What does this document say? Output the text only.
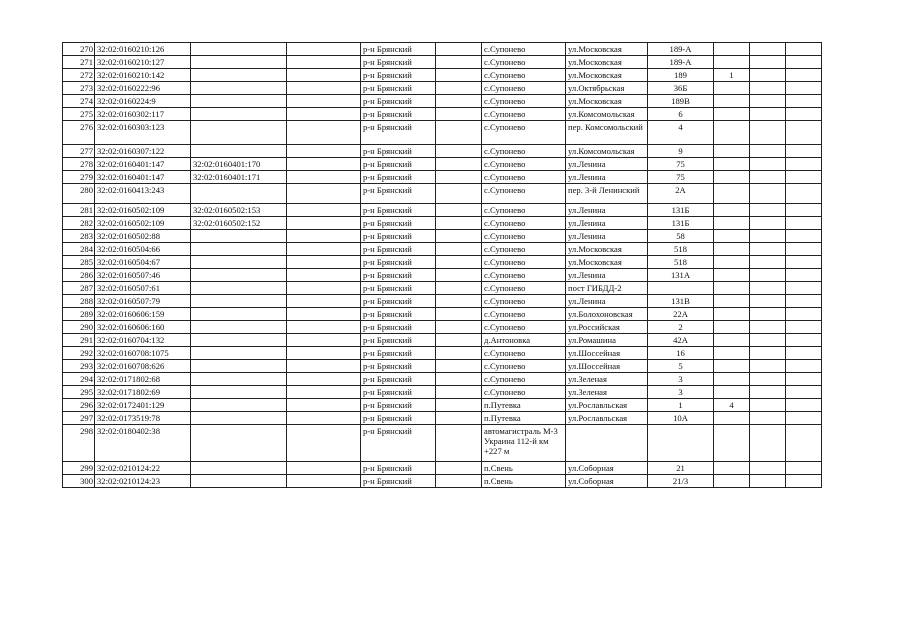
270	32:02:0160210:126			р-н Брянский		с.Супонево	ул.Московская	189-А			
271	32:02:0160210:127			р-н Брянский		с.Супонево	ул.Московская	189-А			
272	32:02:0160210:142			р-н Брянский		с.Супонево	ул.Московская	189	1		
273	32:02:0160222:96			р-н Брянский		с.Супонево	ул.Октябрьская	36Б			
274	32:02:0160224:9			р-н Брянский		с.Супонево	ул.Московская	189В			
275	32:02:0160302:117			р-н Брянский		с.Супонево	ул.Комсомольская	6			
276	32:02:0160303:123			р-н Брянский		с.Супонево	пер. Комсомольский	4			
277	32:02:0160307:122			р-н Брянский		с.Супонево	ул.Комсомольская	9			
278	32:02:0160401:147	32:02:0160401:170		р-н Брянский		с.Супонево	ул.Ленина	75			
279	32:02:0160401:147	32:02:0160401:171		р-н Брянский		с.Супонево	ул.Ленина	75			
280	32:02:0160413:243			р-н Брянский		с.Супонево	пер. 3-й Ленинский	2А			
281	32:02:0160502:109	32:02:0160502:153		р-н Брянский		с.Супонево	ул.Ленина	131Б			
282	32:02:0160502:109	32:02:0160502:152		р-н Брянский		с.Супонево	ул.Ленина	131Б			
283	32:02:0160502:88			р-н Брянский		с.Супонево	ул.Ленина	58			
284	32:02:0160504:66			р-н Брянский		с.Супонево	ул.Московская	518			
285	32:02:0160504:67			р-н Брянский		с.Супонево	ул.Московская	518			
286	32:02:0160507:46			р-н Брянский		с.Супонево	ул.Ленина	131А			
287	32:02:0160507:61			р-н Брянский		с.Супонево	пост ГИБДД-2				
288	32:02:0160507:79			р-н Брянский		с.Супонево	ул.Ленина	131В			
289	32:02:0160606:159			р-н Брянский		с.Супонево	ул.Болохоновская	22А			
290	32:02:0160606:160			р-н Брянский		с.Супонево	ул.Российская	2			
291	32:02:0160704:132			р-н Брянский		д.Антоновка	ул.Ромашина	42А			
292	32:02:0160708:1075			р-н Брянский		с.Супонево	ул.Шоссейная	16			
293	32:02:0160708:626			р-н Брянский		с.Супонево	ул.Шоссейная	5			
294	32:02:0171802:68			р-н Брянский		с.Супонево	ул.Зеленая	3			
295	32:02:0171802:69			р-н Брянский		с.Супонево	ул.Зеленая	3			
296	32:02:0172401:129			р-н Брянский		п.Путевка	ул.Рославльская	1	4		
297	32:02:0173519:78			р-н Брянский		п.Путевка	ул.Рославльская	10А			
298	32:02:0180402:38			р-н Брянский		автомагистраль М-3 Украина 112-й км +227 м					
299	32:02:0210124:22			р-н Брянский		п.Свень	ул.Соборная	21			
300	32:02:0210124:23			р-н Брянский		п.Свень	ул.Соборная	21/3			
